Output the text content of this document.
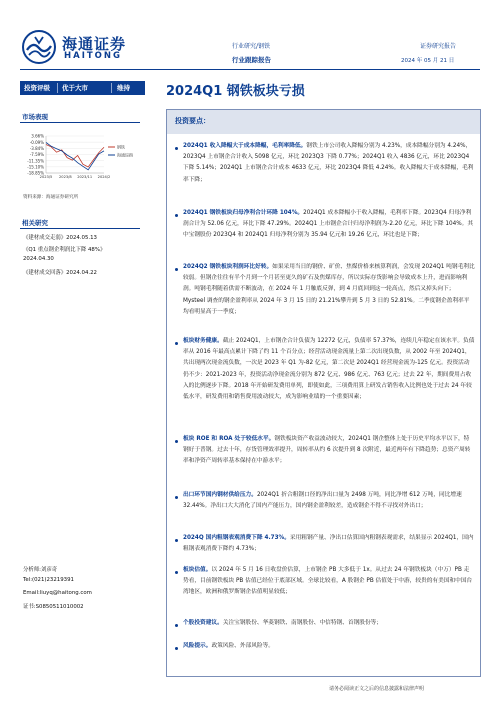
海通证券
HAITONG
行业研究/钢铁
行业跟踪报告
证券研究报告
2024 年 05 月 21 日
投资评级 优于大市	维持	2024Q1 钢铁板块亏损
市场表现
3.66%
-0.09%
-3.84%
-7.59%
-11.35%
-15.10%
-18.85%
2023/5 2023/8 2023/11 2024/2
钢铁
海通综指
资料来源：海通证券研究所
相关研究
《建材成交走弱》2024.05.13
《Q1 重点钢企利润比下降 48%》
2024.04.30
《建材成交回落》2024.04.22
分析师:刘彦奇
Tel:(021)23219391
Email:liuyq@haitong.com
证书:S0850511010002
投资要点：
2024Q1 收入降幅大于成本降幅，毛利率降低。钢铁上市公司收入降幅分别为 4.23%，成本降幅分别为 4.24%，2023Q4 上市钢企合计收入 5098 亿元，环比 2023Q3 下降 0.77%；2024Q1 收入 4836 亿元，环比 2023Q4 下降 5.14%；2024Q1 上市钢企合计成本 4633 亿元，环比 2023Q4 降低 4.24%。收入降幅大于成本降幅，毛利率下降；
2024Q1 钢铁板块归母净利合计环降 104%。2024Q1 成本降幅小于收入降幅，毛利率下降。2023Q4 归母净利润合计为 52.06 亿元，环比下降 47.29%。2024Q1 上市钢企合计归母净利润为-2.20 亿元，环比下降 104%。其中宝钢股份 2023Q4 和 2024Q1 归母净利分别为 35.94 亿元和 19.26 亿元，环比也是下降；
2024Q2 钢铁板块利润环比好转。如果采用当日的钢价、矿价、焦煤价格来核算利润，会发现 2024Q1 吨钢毛利比较弱。但钢企往往有半个月到一个月甚至更久的矿石及焦煤库存，所以实际存货影响会导致成本上升，进而影响利润。吨钢毛利随着供需不断波动，在 2024 年 1 月触底反弹，到 4 月底回到这一轮高点，然后又掉头向下；Mysteel 调查的钢企盈利率从 2024 年 3 月 15 日的 21.21%攀升到 5 月 3 日的 52.81%。二季度钢企盈利率平均看明显高于一季度；
板块财务健康。截止 2024Q1，上市钢企合计负债为 12272 亿元，负债率 57.37%，连续几年稳定在该水平。负债率从 2016 年最高点累计下降了约 11 个百分点；经营活动现金流量上第二次出现负数，从 2002 年至 2024Q1，共出现两次现金流负数，一次是 2023 年 Q1 为-82 亿元，第二次是 2024Q1 经营现金流为-125 亿元。投资活动仍不少：2021-2023 年，投资活动净现金流分别为 872 亿元、986 亿元、763 亿元；过去 22 年，期间费用占收入的比例逐步下降。2018 年开始研发费用单列，即使如此，三项费用算上研发占销售收入比例也处于过去 24 年较低水平，研发费用和销售费用波动较大，成为影响业绩的一个重要因素；
板块 ROE 和 ROA 处于较低水平。钢铁板块资产收益波动较大，2024Q1 钢企整体上处于历史平均水平以下，特钢好于普钢。过去十年，存货管理效率提升，周转率从约 6 次提升到 8 次附近，最近两年有下降趋势；总资产周转率和净资产周转率基本保持在中游水平；
出口环节国内钢材供给压力。2024Q1 折合粗钢口径的净出口量为 2498 万吨，同比净增 612 万吨，同比增速 32.44%。净出口大大消化了国内产能压力，国内钢企盈利较差，造成钢企不得不寻找对外出口；
2024Q 国内粗钢表观消费下降 4.73%。采用粗钢产量、净出口估算国内粗钢表观需求，结果显示 2024Q1，国内粗钢表观消费下降约 4.73%；
板块估值。以 2024 年 5 月 16 日收盘价估算，上市钢企 PB 大多低于 1x。从过去 24 年钢铁板块（中万）PB 走势看，目前钢铁板块 PB 估值已经位于底部区域。全球比较看，A 股钢企 PB 估值处于中游，较贵的有美国和中国台湾地区，欧洲和俄罗斯钢企估值明显较低；
个股投资建议。关注宝钢股份、华菱钢铁、南钢股份、中信特钢、首钢股份等；
风险提示。政策风险、外部风险等。
请务必阅读正文之后的信息披露和法律声明
